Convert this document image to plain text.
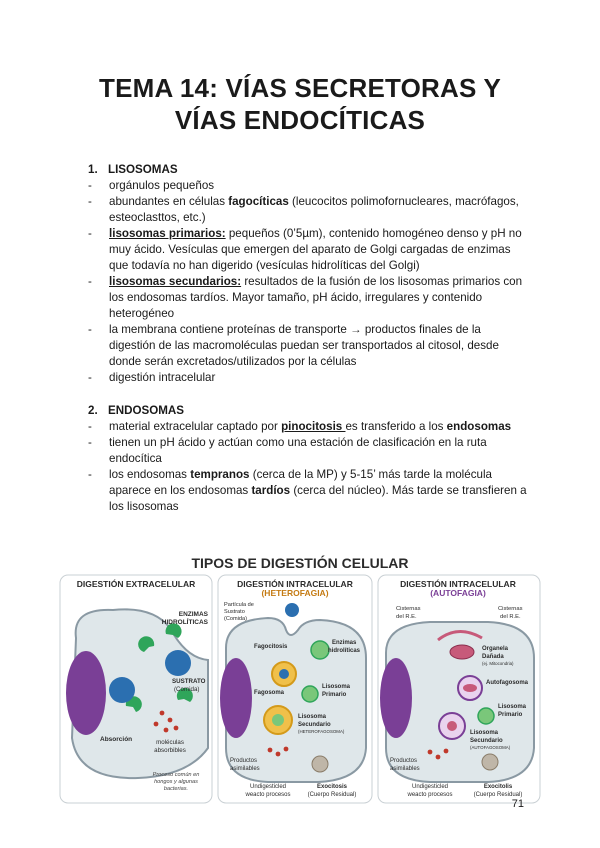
TEMA 14: VÍAS SECRETORAS Y
VÍAS ENDOCÍTICAS
1. LISOSOMAS
- orgánulos pequeños
- abundantes en células fagocíticas (leucocitos polimofornucleares, macrófagos, esteoclasttos, etc.)
- lisosomas primarios: pequeños (0’5µm), contenido homogéneo denso y pH no muy ácido. Vesículas que emergen del aparato de Golgi cargadas de enzimas que todavía no han digerido (vesículas hidrolíticas del Golgi)
- lisosomas secundarios: resultados de la fusión de los lisosomas primarios con los endosomas tardíos. Mayor tamaño, pH ácido, irregulares y contenido heterogéneo
- la membrana contiene proteínas de transporte → productos finales de la digestión de las macromoléculas puedan ser transportados al citosol, desde donde serán excretados/utilizados por la células
- digestión intracelular
2. ENDOSOMAS
- material extracelular captado por pinocitosis es transferido a los endosomas
- tienen un pH ácido y actúan como una estación de clasificación en la ruta endocítica
- los endosomas tempranos (cerca de la MP) y 5-15’ más tarde la molécula aparece en los endosomas tardíos (cerca del núcleo). Más tarde se transfieren a los lisosomas
TIPOS DE DIGESTIÓN CELULAR
DIGESTIÓN EXTRACELULAR
ENZIMAS HIDROLÍTICAS
SUSTRATO (Comida)
Absorción	moléculas absorbibles
Proceso común en hongos y algunas bacterias.
DIGESTIÓN INTRACELULAR
(HETEROFAGIA)
Partícula de Sustrato (Comida)
Fagocitosis
Enzimas hidrolíticas
Fagosoma
Lisosoma Primario
Lisosoma Secundario (HETEROFAGOSOMA)
Productos asimilables
Undigesticled weacto procesos
Exocitosis (Cuerpo Residual)
DIGESTIÓN INTRACELULAR
(AUTOFAGIA)
Cisternas del R.E.
Cisternas del R.E.
Organela Dañada (ej. Mitocondria)
Autofagosoma
Lisosoma Primario
Lisosoma Secundario (AUTOFAGOSOMA)
Productos asimilables
Undigesticled weacto procesos
Exocitolis (Cuerpo Residual)
71
